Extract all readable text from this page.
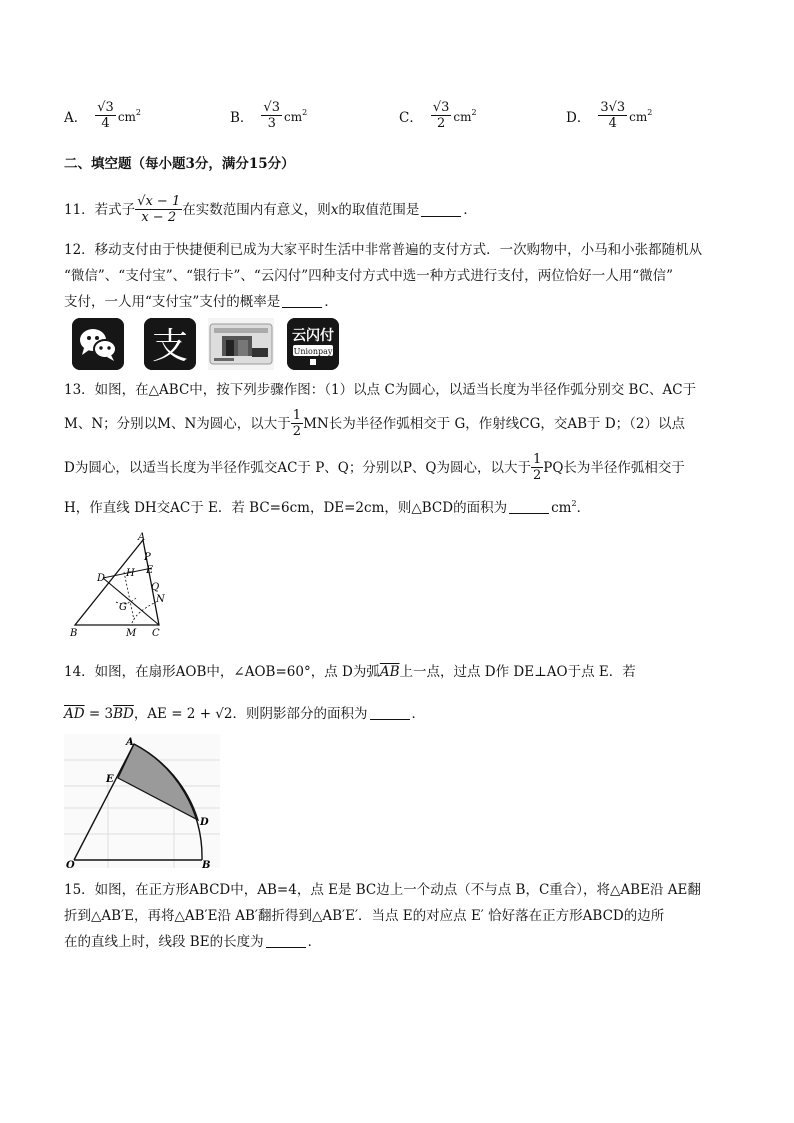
A． $\frac{√3}{4} cm^2$	B． $\frac{√3}{3} cm^2$	C． $\frac{√3}{2} cm^2$	D． $\frac{3√3}{4} cm^2$
二、填空题（每小题3分，满分15分）
11．若式子 $\frac{√x - 1}{x - 2}$ 在实数范围内有意义，则 x 的取值范围是	．
12．移动支付由于快捷便利已成为大家平时生活中非常普遍的支付方式．一次购物中，小马和小张都随机从
“微信”、“支付宝”、“银行卡”、“云闪付”四种支付方式中选一种方式进行支付，两位恰好一人用“微信”
支付，一人用“支付宝”支付的概率是	．
支	云闪付
Unionpay
13．如图，在△ABC中，按下列步骤作图：（1）以点 C为圆心，以适当长度为半径作弧分别交 BC、AC于
M、N；分别以M、N为圆心，以大于 $\frac{1}{2}$ MN长为半径作弧相交于 G，作射线CG，交AB于 D；（2）以点
D为圆心，以适当长度为半径作弧交AC于 P、Q；分别以P、Q为圆心，以大于 $\frac{1}{2}$ PQ长为半径作弧相交于
H，作直线 DH交AC于 E．若 BC=6cm，DE=2cm，则△BCD的面积为	$cm^2$．
A
P
H E
D
Q
N
G
B	M C
14．如图，在扇形AOB中，∠AOB=60°，点 D为弧$\overline{AB}$上一点，过点 D作 DE⊥AO于点 E．若
$\overline{AD} = 3\overline{BD}$，AE = 2 + √2．则阴影部分的面积为	．
A
E
D
O	B
15．如图，在正方形ABCD中，AB=4，点 E是 BC边上一个动点（不与点 B，C重合），将△ABE沿 AE翻
折到△AB′E，再将△AB′E沿 AB′翻折得到△AB′E′．当点 E的对应点 E′ 恰好落在正方形ABCD的边所
在的直线上时，线段 BE的长度为	．
